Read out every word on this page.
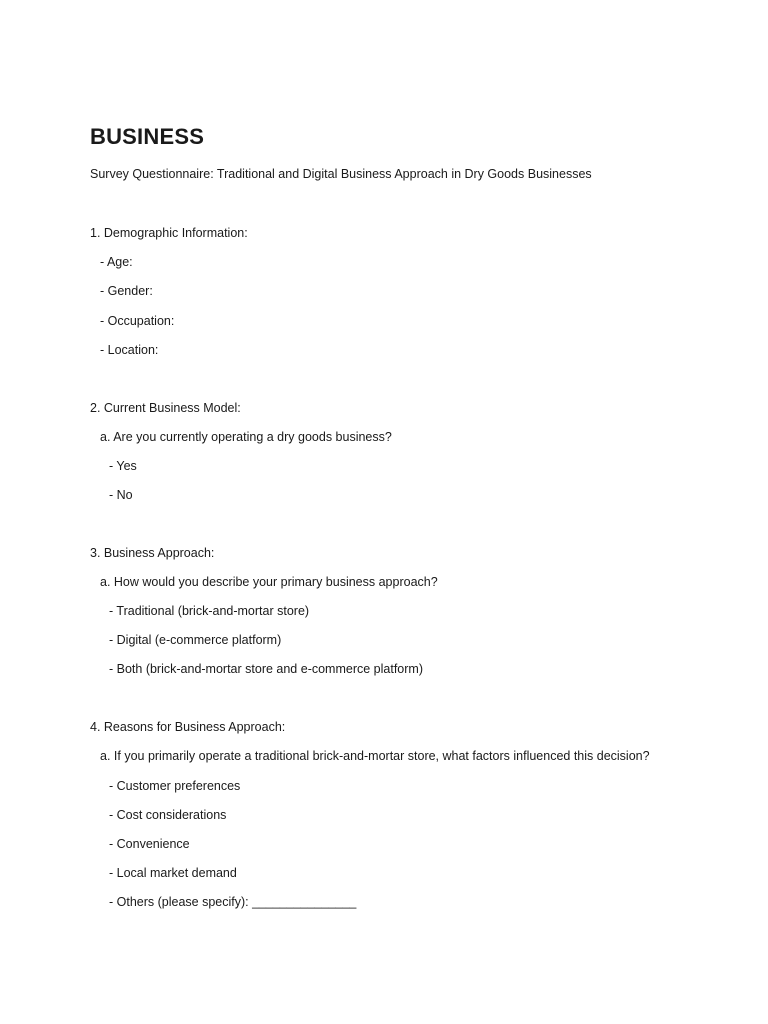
BUSINESS
Survey Questionnaire: Traditional and Digital Business Approach in Dry Goods Businesses
1. Demographic Information:
- Age:
- Gender:
- Occupation:
- Location:
2. Current Business Model:
a. Are you currently operating a dry goods business?
- Yes
- No
3. Business Approach:
a. How would you describe your primary business approach?
- Traditional (brick-and-mortar store)
- Digital (e-commerce platform)
- Both (brick-and-mortar store and e-commerce platform)
4. Reasons for Business Approach:
a. If you primarily operate a traditional brick-and-mortar store, what factors influenced this decision?
- Customer preferences
- Cost considerations
- Convenience
- Local market demand
- Others (please specify): _______________
